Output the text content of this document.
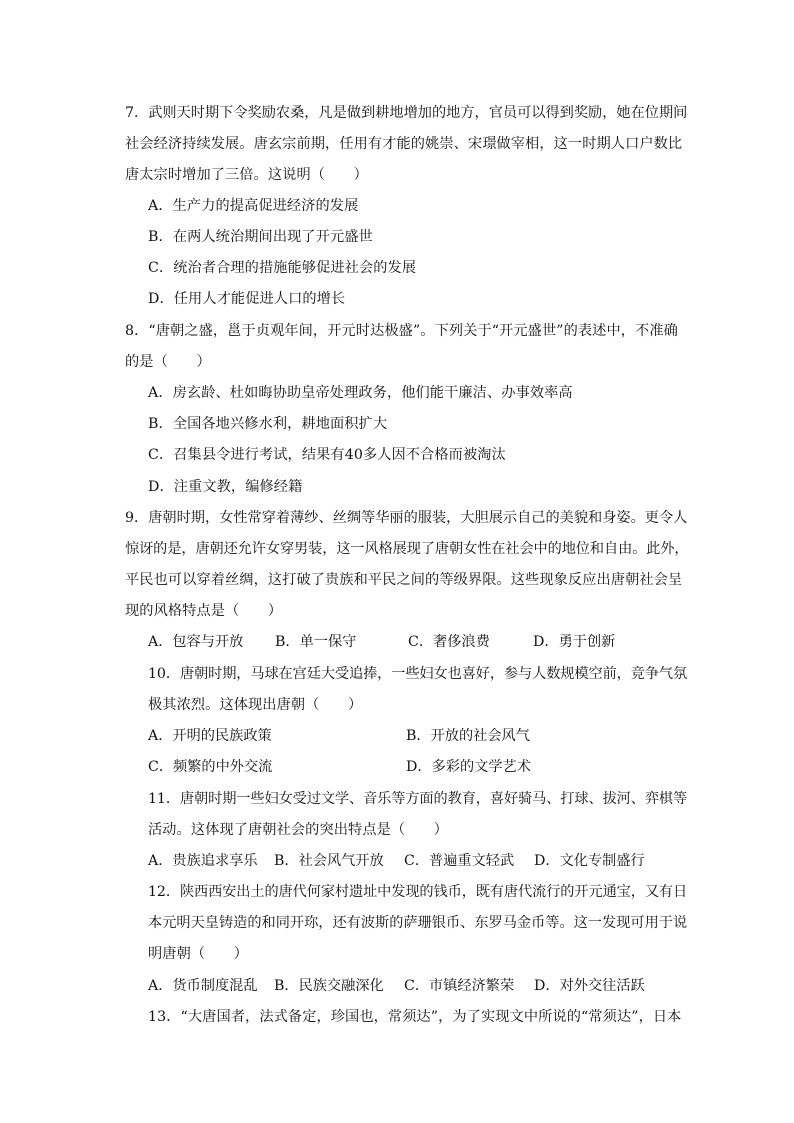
7．武则天时期下令奖励农桑，凡是做到耕地增加的地方，官员可以得到奖励，她在位期间
社会经济持续发展。唐玄宗前期，任用有才能的姚崇、宋璟做宰相，这一时期人口户数比
唐太宗时增加了三倍。这说明（　　）
A．生产力的提高促进经济的发展
B．在两人统治期间出现了开元盛世
C．统治者合理的措施能够促进社会的发展
D．任用人才能促进人口的增长
8．“唐朝之盛，邕于贞观年间，开元时达极盛”。下列关于“开元盛世”的表述中，不准确
的是（　　）
A．房玄龄、杜如晦协助皇帝处理政务，他们能干廉洁、办事效率高
B．全国各地兴修水利，耕地面积扩大
C．召集县令进行考试，结果有40多人因不合格而被淘汰
D．注重文教，编修经籍
9．唐朝时期，女性常穿着薄纱、丝绸等华丽的服装，大胆展示自己的美貌和身姿。更令人
惊讶的是，唐朝还允许女穿男装，这一风格展现了唐朝女性在社会中的地位和自由。此外，
平民也可以穿着丝绸，这打破了贵族和平民之间的等级界限。这些现象反应出唐朝社会呈
现的风格特点是（　　）
A．包容与开放 B．单一保守	C．奢侈浪费	D．勇于创新
10．唐朝时期，马球在宫廷大受追捧，一些妇女也喜好，参与人数规模空前，竞争气氛
极其浓烈。这体现出唐朝（　　）
A．开明的民族政策	B．开放的社会风气
C．频繁的中外交流	D．多彩的文学艺术
11．唐朝时期一些妇女受过文学、音乐等方面的教育，喜好骑马、打球、拔河、弈棋等
活动。这体现了唐朝社会的突出特点是（　　）
A．贵族追求享乐 B．社会风气开放 C．普遍重文轻武 D．文化专制盛行
12．陕西西安出土的唐代何家村遗址中发现的钱币，既有唐代流行的开元通宝，又有日
本元明天皇铸造的和同开珎，还有波斯的萨珊银币、东罗马金币等。这一发现可用于说
明唐朝（　　）
A．货币制度混乱 B．民族交融深化 C．市镇经济繁荣 D．对外交往活跃
13．“大唐国者，法式备定，珍国也，常须达”，为了实现文中所说的“常须达”，日本
